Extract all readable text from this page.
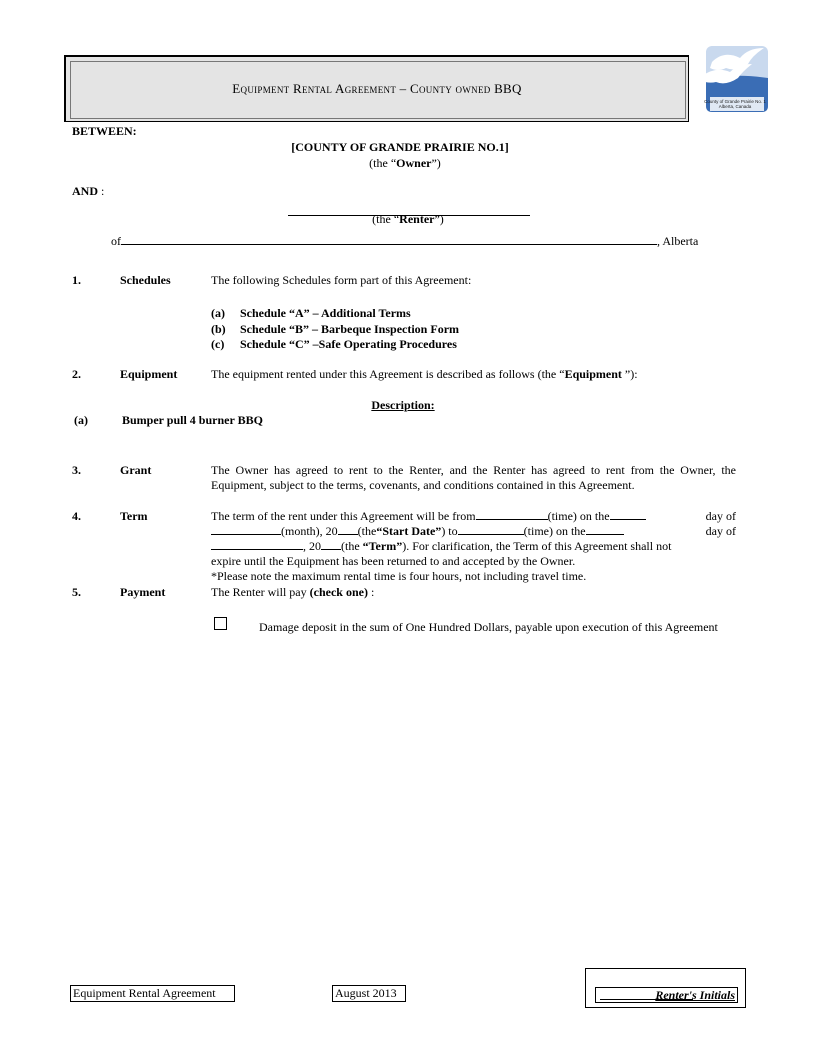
Equipment Rental Agreement – County owned BBQ
County of Grande Prairie No. 1
Alberta, Canada
BETWEEN:
[COUNTY OF GRANDE PRAIRIE NO.1]
(the “Owner”)
AND :
(the “Renter”)
of	, Alberta
1.	Schedules	The following Schedules form part of this Agreement:
(a) Schedule “A” – Additional Terms
(b) Schedule “B” – Barbeque Inspection Form
(c) Schedule “C” –Safe Operating Procedures
2.	Equipment	The equipment rented under this Agreement is described as follows (the “Equipment ”):
Description:
(a)	Bumper pull 4 burner BBQ
3.	Grant	The Owner has agreed to rent to the Renter, and the Renter has agreed to rent from the Owner, the Equipment, subject to the terms, covenants, and conditions contained in this Agreement.
4.	Term	The term of the rent under this Agreement will be from	(time) on the	day of
(month), 20 (the “Start Date” ) to	(time) on the	day of
, 20 (the “Term”). For clarification, the Term of this Agreement shall not
expire until the Equipment has been returned to and accepted by the Owner.
*Please note the maximum rental time is four hours, not including travel time.
5.	Payment	The Renter will pay (check one) :
Damage deposit in the sum of One Hundred Dollars, payable upon execution of this Agreement
Equipment Rental Agreement	August 2013	Renter's Initials
